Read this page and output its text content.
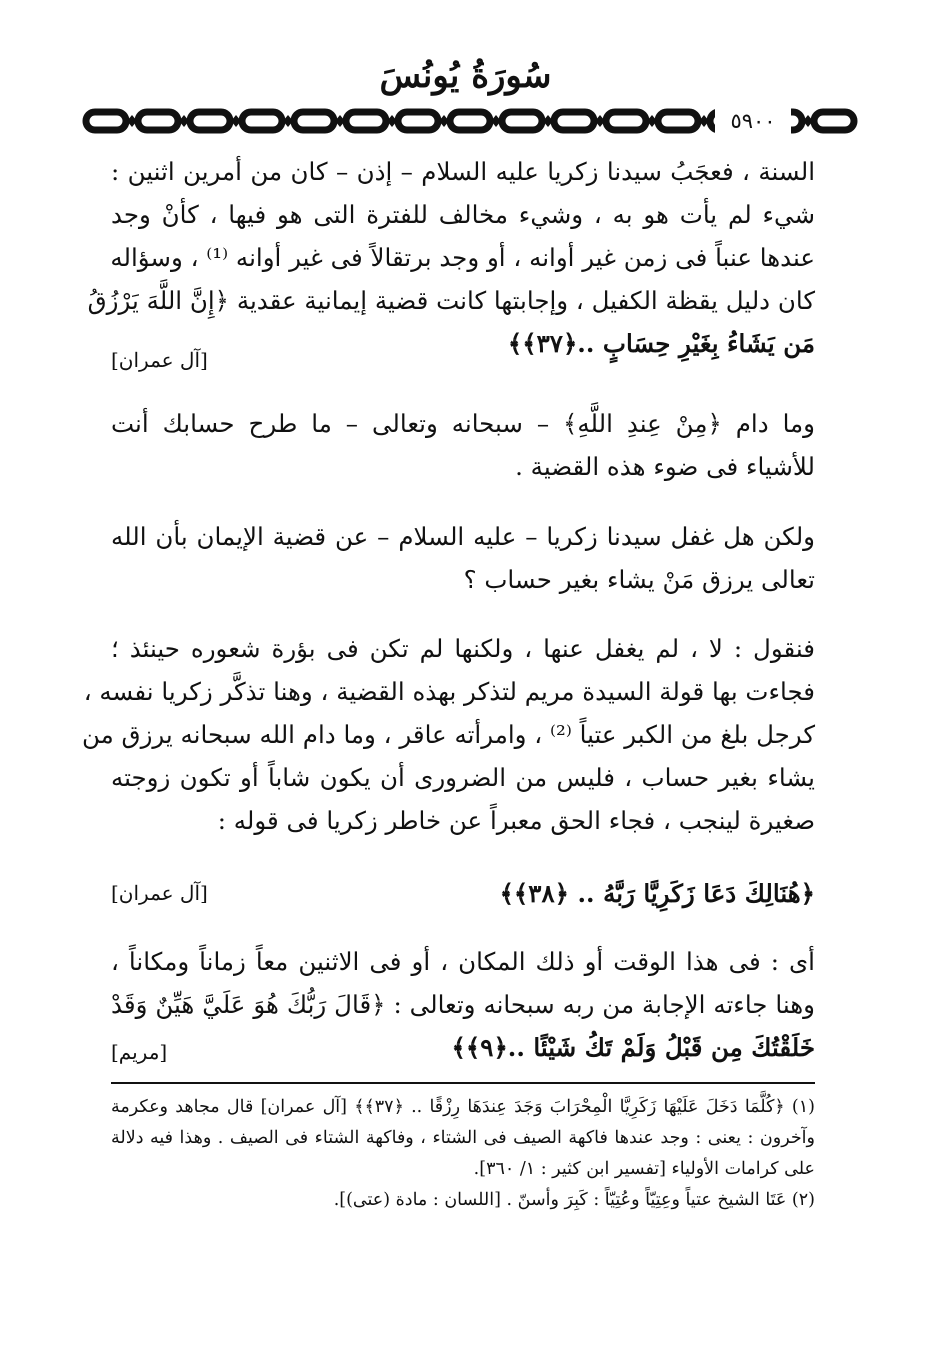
سُورَةُ يُونُسَ
٥٩٠٠
السنة ، فعجَبُ سيدنا زكريا عليه السلام – إذن – كان من أمرين اثنين :
شيء لم يأت هو به ، وشيء مخالف للفترة التى هو فيها ، كأنْ وجد
عندها عنباً فى زمن غير أوانه ، أو وجد برتقالاً فى غير أوانه ⁽¹⁾ ، وسؤاله
كان دليل يقظة الكفيل ، وإجابتها كانت قضية إيمانية عقدية ﴿إِنَّ اللَّهَ يَرْزُقُ
مَن يَشَاءُ بِغَيْرِ حِسَابٍ ..﴿٣٧﴾﴾
[آل عمران]
وما دام ﴿مِنْ عِندِ اللَّهِ﴾ – سبحانه وتعالى – ما طرح حسابك أنت
للأشياء فى ضوء هذه القضية .
ولكن هل غفل سيدنا زكريا – عليه السلام – عن قضية الإيمان بأن الله
تعالى يرزق مَنْ يشاء بغير حساب ؟
فنقول : لا ، لم يغفل عنها ، ولكنها لم تكن فى بؤرة شعوره حينئذ ؛
فجاءت بها قولة السيدة مريم لتذكر بهذه القضية ، وهنا تذكَّر زكريا نفسه ،
كرجل بلغ من الكبر عتياً ⁽²⁾ ، وامرأته عاقر ، وما دام الله سبحانه يرزق من
يشاء بغير حساب ، فليس من الضرورى أن يكون شاباً أو تكون زوجته
صغيرة لينجب ، فجاء الحق معبراً عن خاطر زكريا فى قوله :
﴿هُنَالِكَ دَعَا زَكَرِيَّا رَبَّهُ .. ﴿٣٨﴾﴾
[آل عمران]
أى : فى هذا الوقت أو ذلك المكان ، أو فى الاثنين معاً زماناً ومكاناً ،
وهنا جاءته الإجابة من ربه سبحانه وتعالى : ﴿قَالَ رَبُّكَ هُوَ عَلَيَّ هَيِّنٌ وَقَدْ
خَلَقْتُكَ مِن قَبْلُ وَلَمْ تَكُ شَيْئًا ..﴿٩﴾﴾
[مريم]
(١) ﴿كُلَّمَا دَخَلَ عَلَيْهَا زَكَرِيَّا الْمِحْرَابَ وَجَدَ عِندَهَا رِزْقًا .. ﴿٣٧﴾﴾ [آل عمران] قال مجاهد وعكرمة
وآخرون : يعنى : وجد عندها فاكهة الصيف فى الشتاء ، وفاكهة الشتاء فى الصيف . وهذا فيه دلالة
على كرامات الأولياء [تفسير ابن كثير : ١/ ٣٦٠].
(٢) عَتَا الشيخ عتياً وعِتِيّاً وعُتِيّاً : كَبِرَ وأسنّ . [اللسان : مادة (عتى)].
